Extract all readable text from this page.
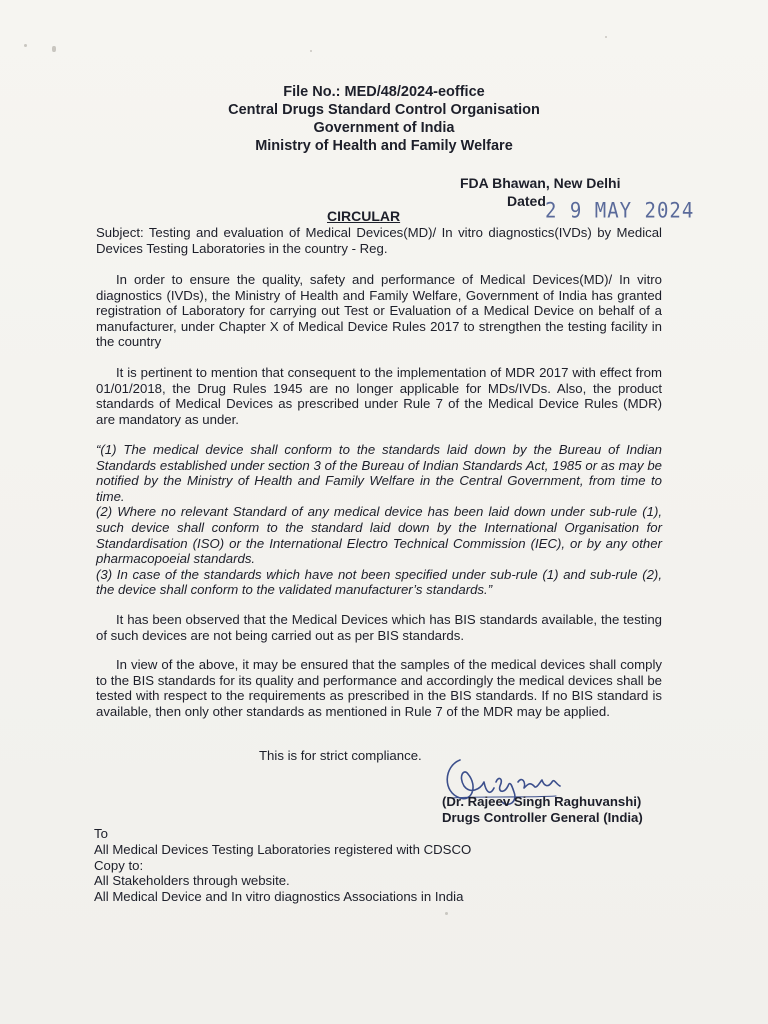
File No.: MED/48/2024-eoffice
Central Drugs Standard Control Organisation
Government of India
Ministry of Health and Family Welfare
FDA Bhawan, New Delhi
Dated 2 9 MAY 2024
CIRCULAR
Subject: Testing and evaluation of Medical Devices(MD)/ In vitro diagnostics(IVDs) by Medical Devices Testing Laboratories in the country - Reg.
In order to ensure the quality, safety and performance of Medical Devices(MD)/ In vitro diagnostics (IVDs), the Ministry of Health and Family Welfare, Government of India has granted registration of Laboratory for carrying out Test or Evaluation of a Medical Device on behalf of a manufacturer, under Chapter X of Medical Device Rules 2017 to strengthen the testing facility in the country
It is pertinent to mention that consequent to the implementation of MDR 2017 with effect from 01/01/2018, the Drug Rules 1945 are no longer applicable for MDs/IVDs. Also, the product standards of Medical Devices as prescribed under Rule 7 of the Medical Device Rules (MDR) are mandatory as under.
“(1) The medical device shall conform to the standards laid down by the Bureau of Indian Standards established under section 3 of the Bureau of Indian Standards Act, 1985 or as may be notified by the Ministry of Health and Family Welfare in the Central Government, from time to time.
(2) Where no relevant Standard of any medical device has been laid down under sub-rule (1), such device shall conform to the standard laid down by the International Organisation for Standardisation (ISO) or the International Electro Technical Commission (IEC), or by any other pharmacopoeial standards.
(3) In case of the standards which have not been specified under sub-rule (1) and sub-rule (2), the device shall conform to the validated manufacturer’s standards.”
It has been observed that the Medical Devices which has BIS standards available, the testing of such devices are not being carried out as per BIS standards.
In view of the above, it may be ensured that the samples of the medical devices shall comply to the BIS standards for its quality and performance and accordingly the medical devices shall be tested with respect to the requirements as prescribed in the BIS standards. If no BIS standard is available, then only other standards as mentioned in Rule 7 of the MDR may be applied.
This is for strict compliance.
(Dr. Rajeev Singh Raghuvanshi)
Drugs Controller General (India)
To
All Medical Devices Testing Laboratories registered with CDSCO
Copy to:
All Stakeholders through website.
All Medical Device and In vitro diagnostics Associations in India
